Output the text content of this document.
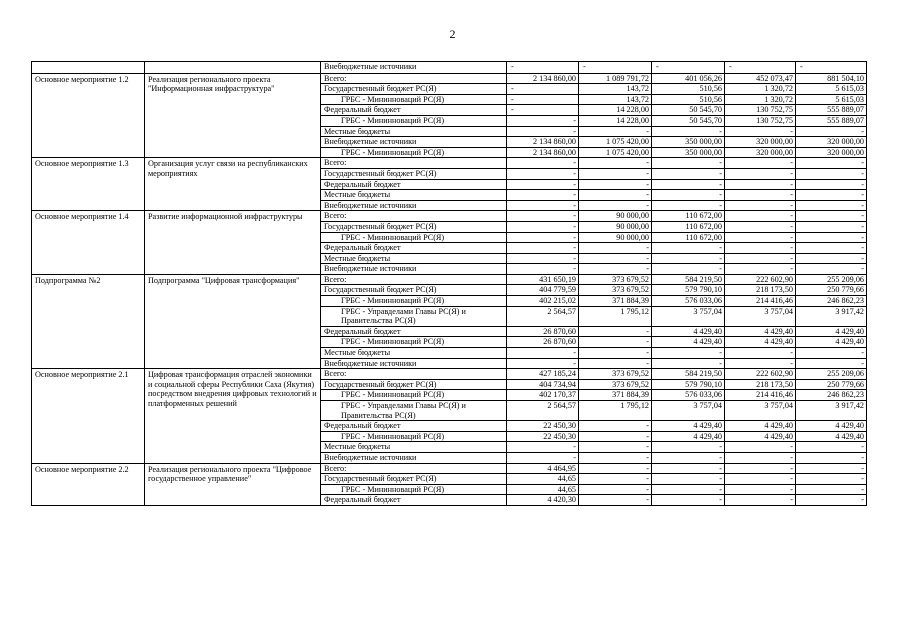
2
		Внебюджетные источники	-	-	-	-	-
Основное мероприятие 1.2	Реализация регионального проекта "Информационная инфраструктура"	Всего:	2 134 860,00	1 089 791,72	401 056,26	452 073,47	881 504,10
		Государственный бюджет РС(Я)	-	143,72	510,56	1 320,72	5 615,03
		ГРБС - Мининноваций РС(Я)	-	143,72	510,56	1 320,72	5 615,03
		Федеральный бюджет	-	14 228,00	50 545,70	130 752,75	555 889,07
		ГРБС - Мининноваций РС(Я)	-	14 228,00	50 545,70	130 752,75	555 889,07
		Местные бюджеты	-	-	-	-	-
		Внебюджетные источники	2 134 860,00	1 075 420,00	350 000,00	320 000,00	320 000,00
		ГРБС - Мининноваций РС(Я)	2 134 860,00	1 075 420,00	350 000,00	320 000,00	320 000,00
Основное мероприятие 1.3	Организация услуг связи на республиканских мероприятиях	Всего:	-	-	-	-	-
		Государственный бюджет РС(Я)	-	-	-	-	-
		Федеральный бюджет	-	-	-	-	-
		Местные бюджеты	-	-	-	-	-
		Внебюджетные источники	-	-	-	-	-
Основное мероприятие 1.4	Развитие информационной инфраструктуры	Всего:	-	90 000,00	110 672,00	-	-
		Государственный бюджет РС(Я)	-	90 000,00	110 672,00	-	-
		ГРБС - Мининноваций РС(Я)	-	90 000,00	110 672,00	-	-
		Федеральный бюджет	-	-	-	-	-
		Местные бюджеты	-	-	-	-	-
		Внебюджетные источники	-	-	-	-	-
Подпрограмма №2	Подпрограмма "Цифровая трансформация"	Всего:	431 650,19	373 679,52	584 219,50	222 602,90	255 209,06
		Государственный бюджет РС(Я)	404 779,59	373 679,52	579 790,10	218 173,50	250 779,66
		ГРБС - Мининноваций РС(Я)	402 215,02	371 884,39	576 033,06	214 416,46	246 862,23
		ГРБС - Управделами Главы РС(Я) и Правительства РС(Я)	2 564,57	1 795,12	3 757,04	3 757,04	3 917,42
		Федеральный бюджет	26 870,60	-	4 429,40	4 429,40	4 429,40
		ГРБС - Мининноваций РС(Я)	26 870,60	-	4 429,40	4 429,40	4 429,40
		Местные бюджеты	-	-	-	-	-
		Внебюджетные источники	-	-	-	-	-
Основное мероприятие 2.1	Цифровая трансформация отраслей экономики и социальной сферы Республики Саха (Якутия) посредством внедрения цифровых технологий и платформенных решений	Всего:	427 185,24	373 679,52	584 219,50	222 602,90	255 209,06
		Государственный бюджет РС(Я)	404 734,94	373 679,52	579 790,10	218 173,50	250 779,66
		ГРБС - Мининноваций РС(Я)	402 170,37	371 884,39	576 033,06	214 416,46	246 862,23
		ГРБС - Управделами Главы РС(Я) и Правительства РС(Я)	2 564,57	1 795,12	3 757,04	3 757,04	3 917,42
		Федеральный бюджет	22 450,30	-	4 429,40	4 429,40	4 429,40
		ГРБС - Мининноваций РС(Я)	22 450,30	-	4 429,40	4 429,40	4 429,40
		Местные бюджеты	-	-	-	-	-
		Внебюджетные источники	-	-	-	-	-
Основное мероприятие 2.2	Реализация регионального проекта "Цифровое государственное управление"	Всего:	4 464,95	-	-	-	-
		Государственный бюджет РС(Я)	44,65	-	-	-	-
		ГРБС - Мининноваций РС(Я)	44,65	-	-	-	-
		Федеральный бюджет	4 420,30	-	-	-	-
